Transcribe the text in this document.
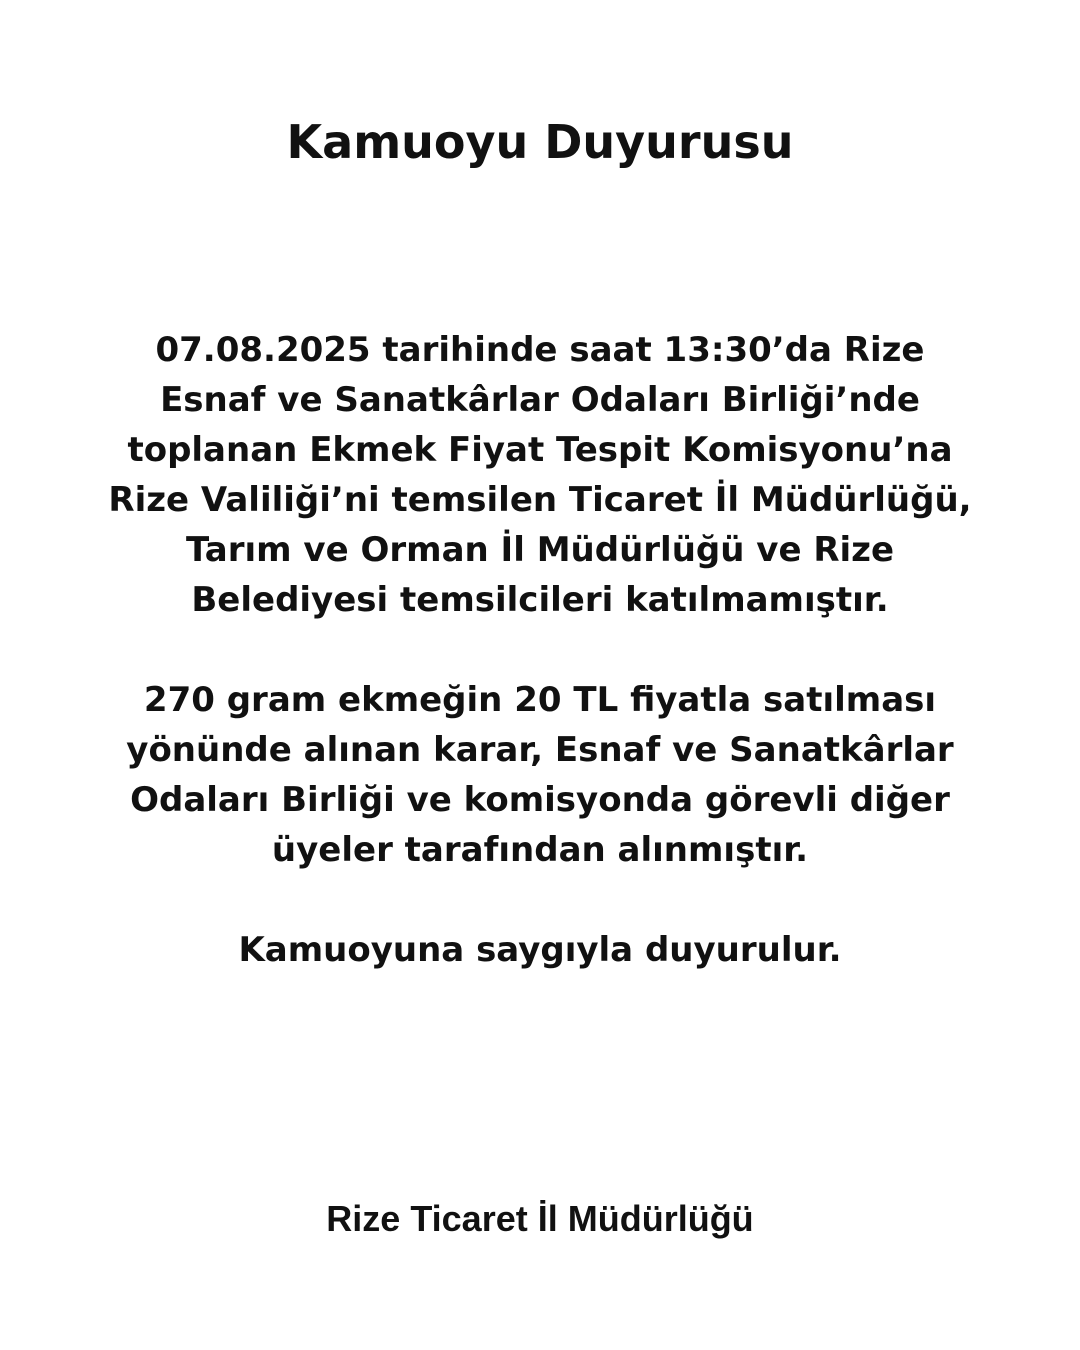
Kamuoyu Duyurusu

07.08.2025 tarihinde saat 13:30’da Rize
Esnaf ve Sanatkârlar Odaları Birliği’nde
toplanan Ekmek Fiyat Tespit Komisyonu’na
Rize Valiliği’ni temsilen Ticaret İl Müdürlüğü,
Tarım ve Orman İl Müdürlüğü ve Rize
Belediyesi temsilcileri katılmamıştır.

270 gram ekmeğin 20 TL fiyatla satılması
yönünde alınan karar, Esnaf ve Sanatkârlar
Odaları Birliği ve komisyonda görevli diğer
üyeler tarafından alınmıştır.

Kamuoyuna saygıyla duyurulur.

Rize Ticaret İl Müdürlüğü
